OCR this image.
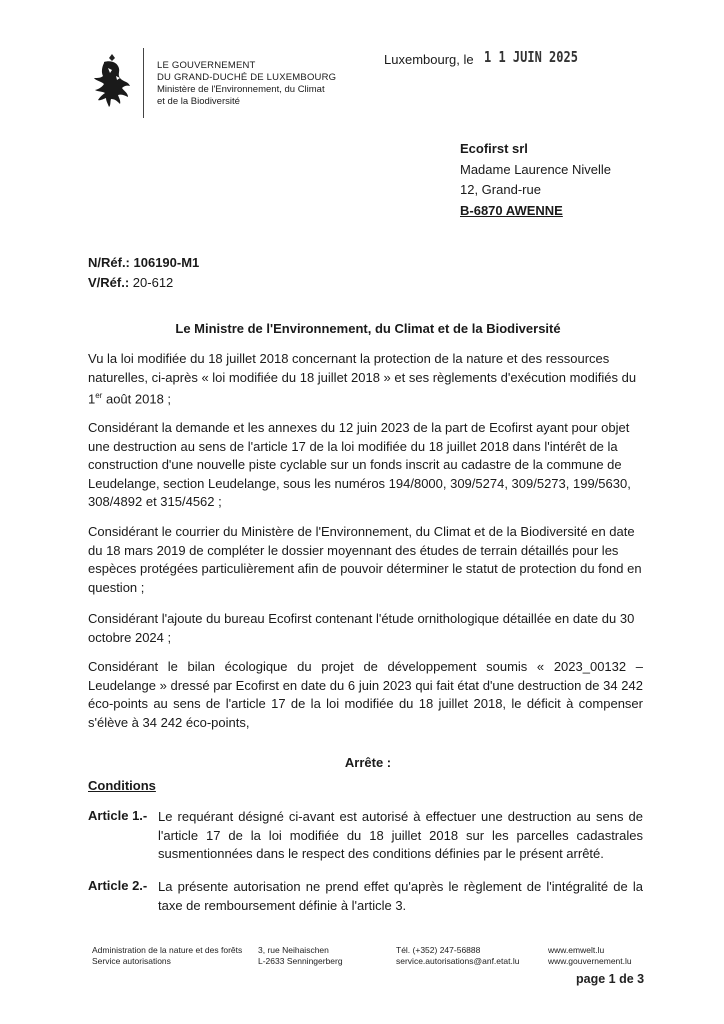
LE GOUVERNEMENT
DU GRAND-DUCHÉ DE LUXEMBOURG
Ministère de l'Environnement, du Climat
et de la Biodiversité
Luxembourg, le 1 1 JUIN 2025
Ecofirst srl
Madame Laurence Nivelle
12, Grand-rue
B-6870 AWENNE
N/Réf.: 106190-M1
V/Réf.: 20-612
Le Ministre de l'Environnement, du Climat et de la Biodiversité
Vu la loi modifiée du 18 juillet 2018 concernant la protection de la nature et des ressources naturelles, ci-après « loi modifiée du 18 juillet 2018 » et ses règlements d'exécution modifiés du 1er août 2018 ;
Considérant la demande et les annexes du 12 juin 2023 de la part de Ecofirst ayant pour objet une destruction au sens de l'article 17 de la loi modifiée du 18 juillet 2018 dans l'intérêt de la construction d'une nouvelle piste cyclable sur un fonds inscrit au cadastre de la commune de Leudelange, section Leudelange, sous les numéros 194/8000, 309/5274, 309/5273, 199/5630, 308/4892 et 315/4562 ;
Considérant le courrier du Ministère de l'Environnement, du Climat et de la Biodiversité en date du 18 mars 2019 de compléter le dossier moyennant des études de terrain détaillés pour les espèces protégées particulièrement afin de pouvoir déterminer le statut de protection du fond en question ;
Considérant l'ajoute du bureau Ecofirst contenant l'étude ornithologique détaillée en date du 30 octobre 2024 ;
Considérant le bilan écologique du projet de développement soumis « 2023_00132 – Leudelange » dressé par Ecofirst en date du 6 juin 2023 qui fait état d'une destruction de 34 242 éco-points au sens de l'article 17 de la loi modifiée du 18 juillet 2018, le déficit à compenser s'élève à 34 242 éco-points,
Arrête :
Conditions
Article 1.- Le requérant désigné ci-avant est autorisé à effectuer une destruction au sens de l'article 17 de la loi modifiée du 18 juillet 2018 sur les parcelles cadastrales susmentionnées dans le respect des conditions définies par le présent arrêté.
Article 2.- La présente autorisation ne prend effet qu'après le règlement de l'intégralité de la taxe de remboursement définie à l'article 3.
Administration de la nature et des forêts
Service autorisations
3, rue Neihaischen
L-2633 Senningerberg
Tél. (+352) 247-56888
service.autorisations@anf.etat.lu
www.emwelt.lu
www.gouvernement.lu
page 1 de 3
